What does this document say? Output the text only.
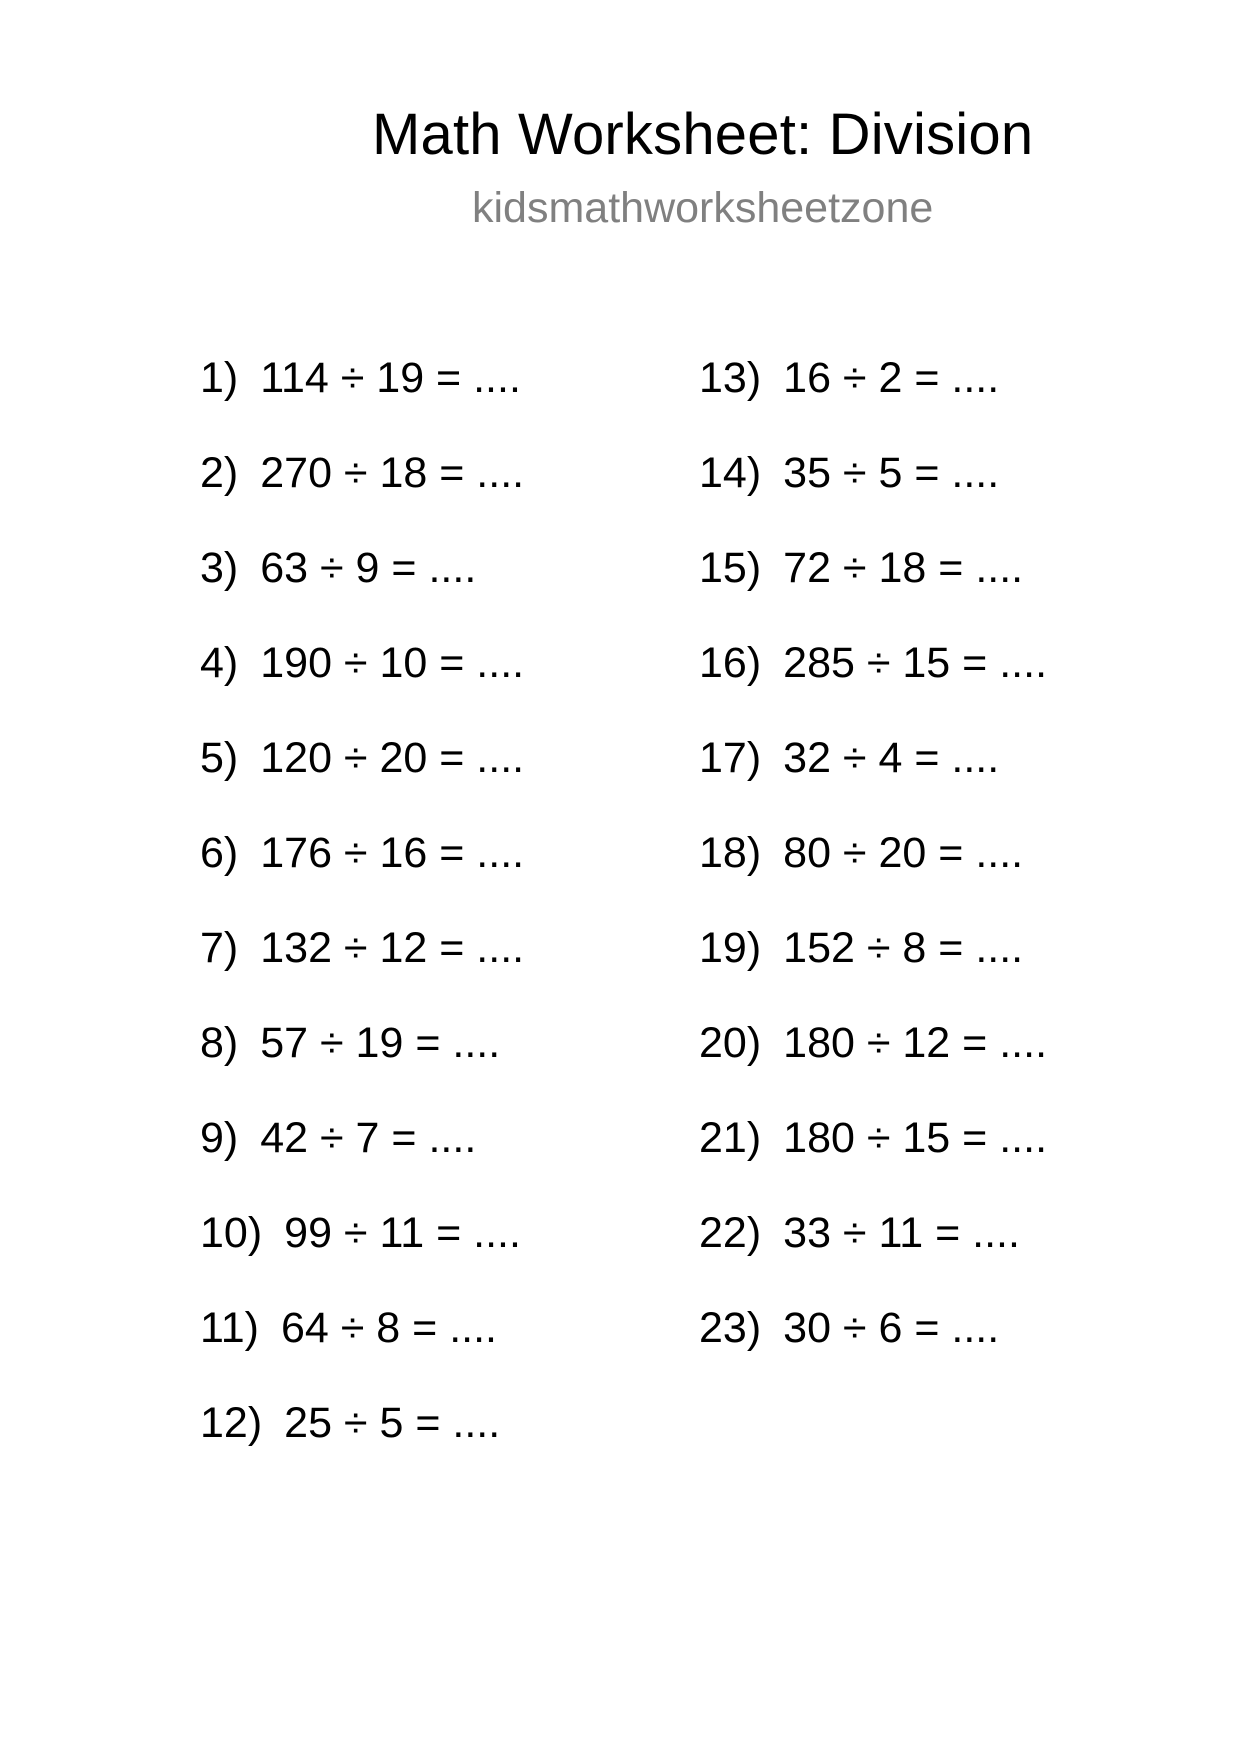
Math Worksheet: Division
kidsmathworksheetzone
1) 114 ÷ 19 = ....
2) 270 ÷ 18 = ....
3) 63 ÷ 9 = ....
4) 190 ÷ 10 = ....
5) 120 ÷ 20 = ....
6) 176 ÷ 16 = ....
7) 132 ÷ 12 = ....
8) 57 ÷ 19 = ....
9) 42 ÷ 7 = ....
10) 99 ÷ 11 = ....
11) 64 ÷ 8 = ....
12) 25 ÷ 5 = ....
13) 16 ÷ 2 = ....
14) 35 ÷ 5 = ....
15) 72 ÷ 18 = ....
16) 285 ÷ 15 = ....
17) 32 ÷ 4 = ....
18) 80 ÷ 20 = ....
19) 152 ÷ 8 = ....
20) 180 ÷ 12 = ....
21) 180 ÷ 15 = ....
22) 33 ÷ 11 = ....
23) 30 ÷ 6 = ....
